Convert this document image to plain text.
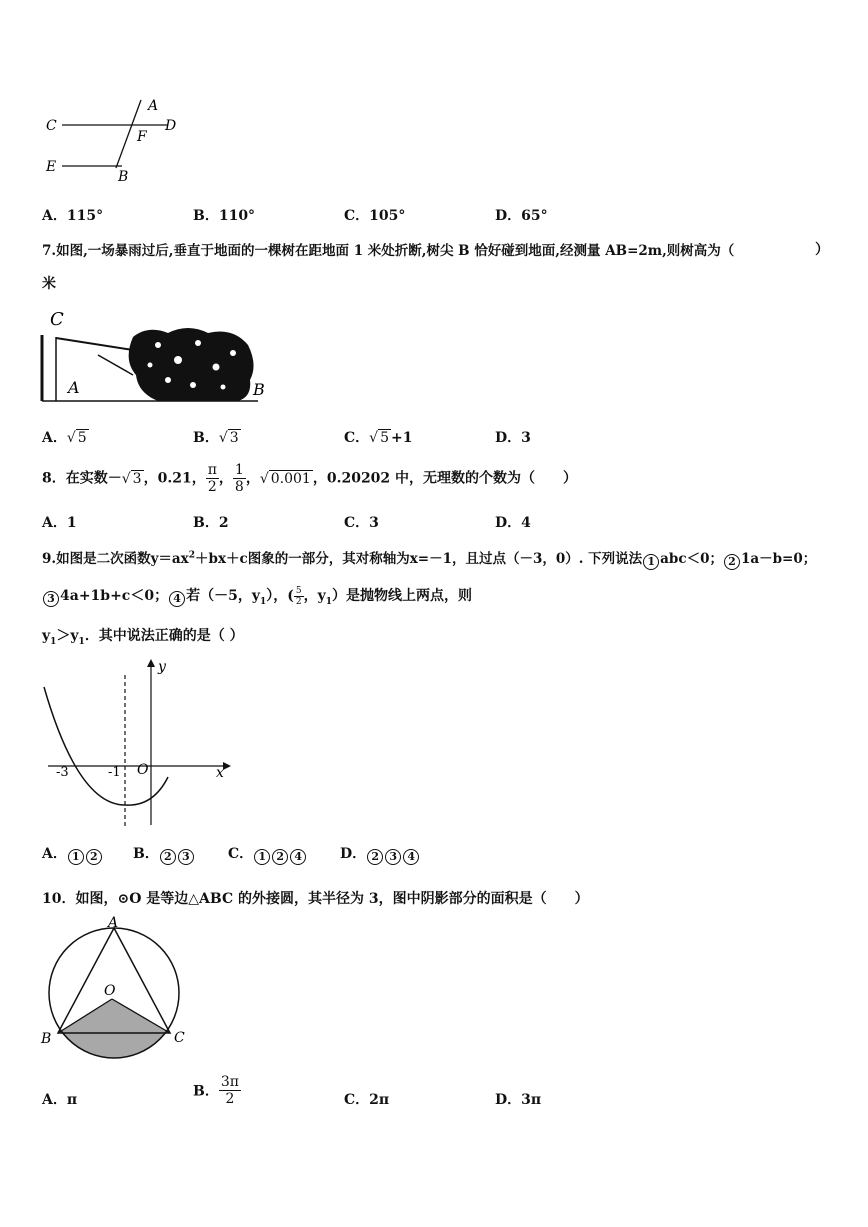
A
C
F
D
E
B
A．115°	B．110°	C．105°	D．65°
7.如图,一场暴雨过后,垂直于地面的一棵树在距地面 1 米处折断,树尖 B 恰好碰到地面,经测量 AB=2m,则树高为（	）
米
C
A	B
A．√ 5	B．√ 3	C．√ 5 +1	D．3
8．在实数－√ 3 ，0.21， $\frac{\pi}{2}$ ， $\frac{1}{8}$ ，√ 0.001 ，0.20202 中，无理数的个数为（　　）
A．1	B．2	C．3	D．4
9.如图是二次函数$y=ax^2+bx+c$图象的一部分，其对称轴为x=－1，且过点（－3，0）. 下列说法 1 abc＜0； 2 1a－b=0；
3 4a+1b+c＜0； 4 若（－5，$y_1$），( $\frac{5}{2}$ ，$y_1$）是抛物线上两点，则
$y_1>y_1$．其中说法正确的是（ ）
y
-3	-1 O	x
A． 1 2	B． 2 3	C． 1 2 4	D． 2 3 4
10．如图，⊙O 是等边△ABC 的外接圆，其半径为 3，图中阴影部分的面积是（　　）
A
O
B	C
A．π
B． $\frac{3\pi}{2}$	C．2π	D．3π
